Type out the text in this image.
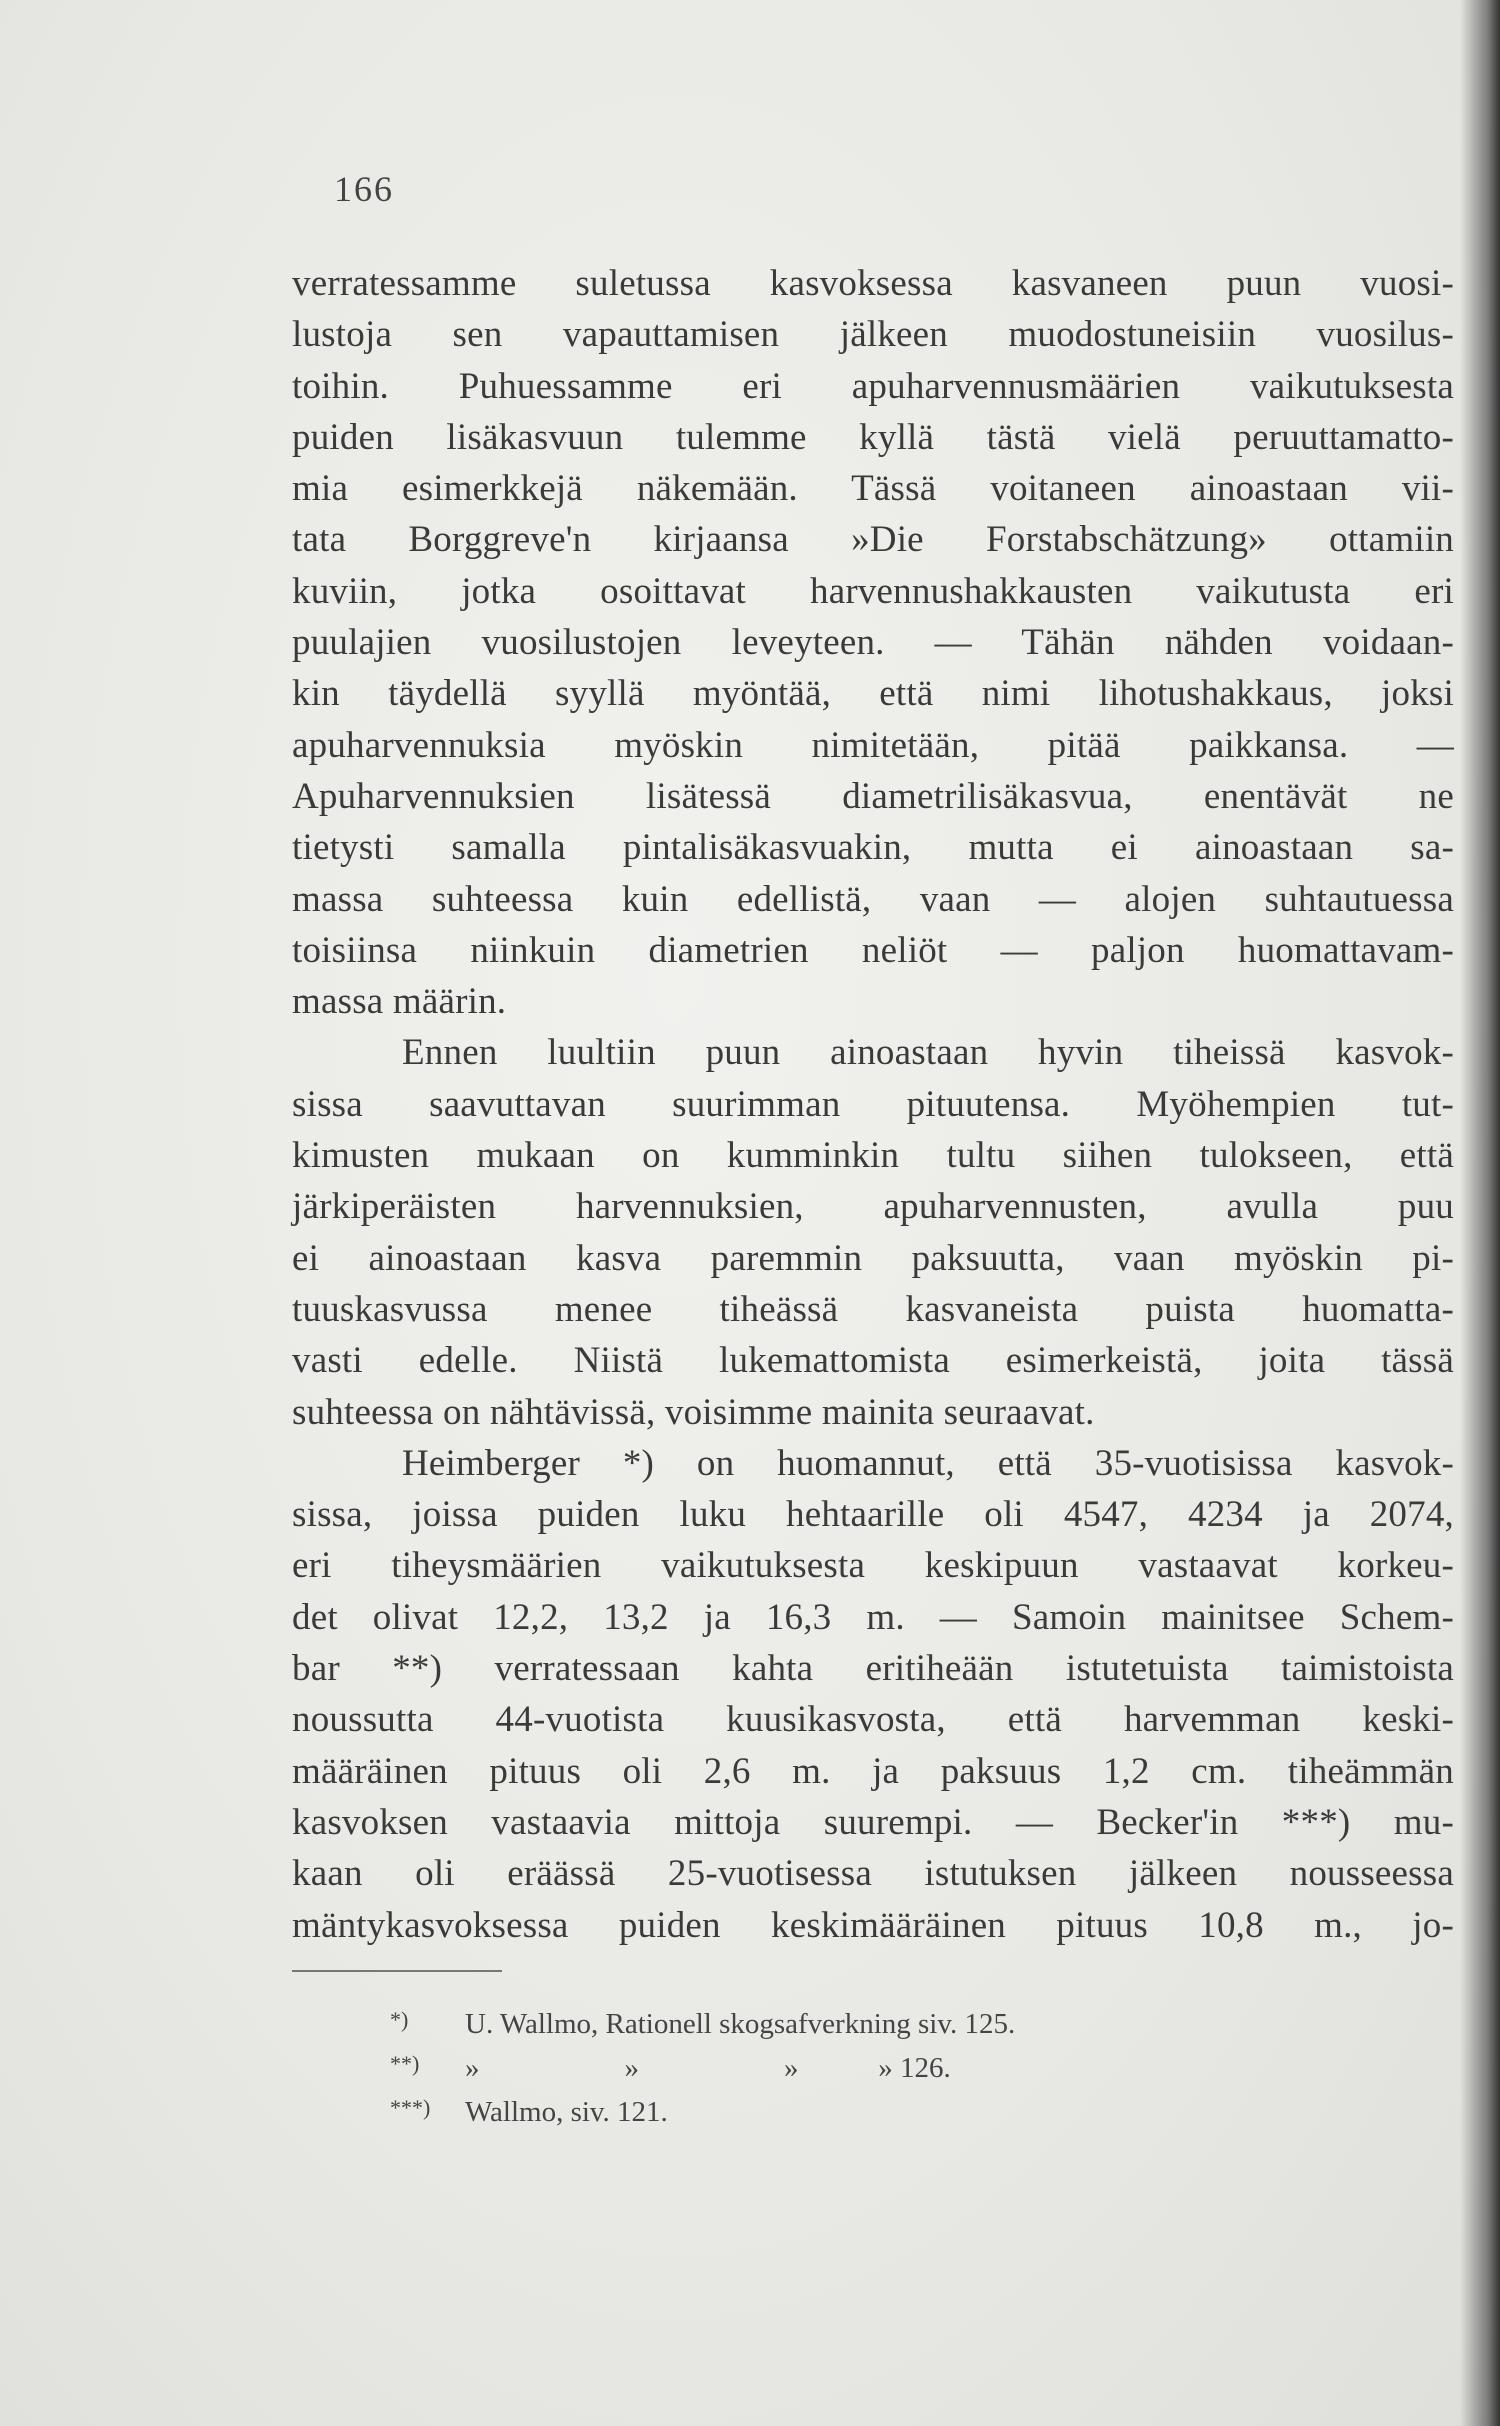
166
verratessamme suletussa kasvoksessa kasvaneen puun vuosi-
lustoja sen vapauttamisen jälkeen muodostuneisiin vuosilus-
toihin. Puhuessamme eri apuharvennusmäärien vaikutuksesta
puiden lisäkasvuun tulemme kyllä tästä vielä peruuttamatto-
mia esimerkkejä näkemään. Tässä voitaneen ainoastaan vii-
tata Borggreve'n kirjaansa »Die Forstabschätzung» ottamiin
kuviin, jotka osoittavat harvennushakkausten vaikutusta eri
puulajien vuosilustojen leveyteen. — Tähän nähden voidaan-
kin täydellä syyllä myöntää, että nimi lihotushakkaus, joksi
apuharvennuksia myöskin nimitetään, pitää paikkansa. —
Apuharvennuksien lisätessä diametrilisäkasvua, enentävät ne
tietysti samalla pintalisäkasvuakin, mutta ei ainoastaan sa-
massa suhteessa kuin edellistä, vaan — alojen suhtautuessa
toisiinsa niinkuin diametrien neliöt — paljon huomattavam-
massa määrin.
Ennen luultiin puun ainoastaan hyvin tiheissä kasvok-
sissa saavuttavan suurimman pituutensa. Myöhempien tut-
kimusten mukaan on kumminkin tultu siihen tulokseen, että
järkiperäisten harvennuksien, apuharvennusten, avulla puu
ei ainoastaan kasva paremmin paksuutta, vaan myöskin pi-
tuuskasvussa menee tiheässä kasvaneista puista huomatta-
vasti edelle. Niistä lukemattomista esimerkeistä, joita tässä
suhteessa on nähtävissä, voisimme mainita seuraavat.
Heimberger *) on huomannut, että 35-vuotisissa kasvok-
sissa, joissa puiden luku hehtaarille oli 4547, 4234 ja 2074,
eri tiheysmäärien vaikutuksesta keskipuun vastaavat korkeu-
det olivat 12,2, 13,2 ja 16,3 m. — Samoin mainitsee Schem-
bar **) verratessaan kahta eritiheään istutetuista taimistoista
noussutta 44-vuotista kuusikasvosta, että harvemman keski-
määräinen pituus oli 2,6 m. ja paksuus 1,2 cm. tiheämmän
kasvoksen vastaavia mittoja suurempi. — Becker'in ***) mu-
kaan oli eräässä 25-vuotisessa istutuksen jälkeen nousseessa
mäntykasvoksessa puiden keskimääräinen pituus 10,8 m., jo-
*) U. Wallmo, Rationell skogsafverkning siv. 125.
**) »                    »                    »           » 126.
***) Wallmo, siv. 121.
